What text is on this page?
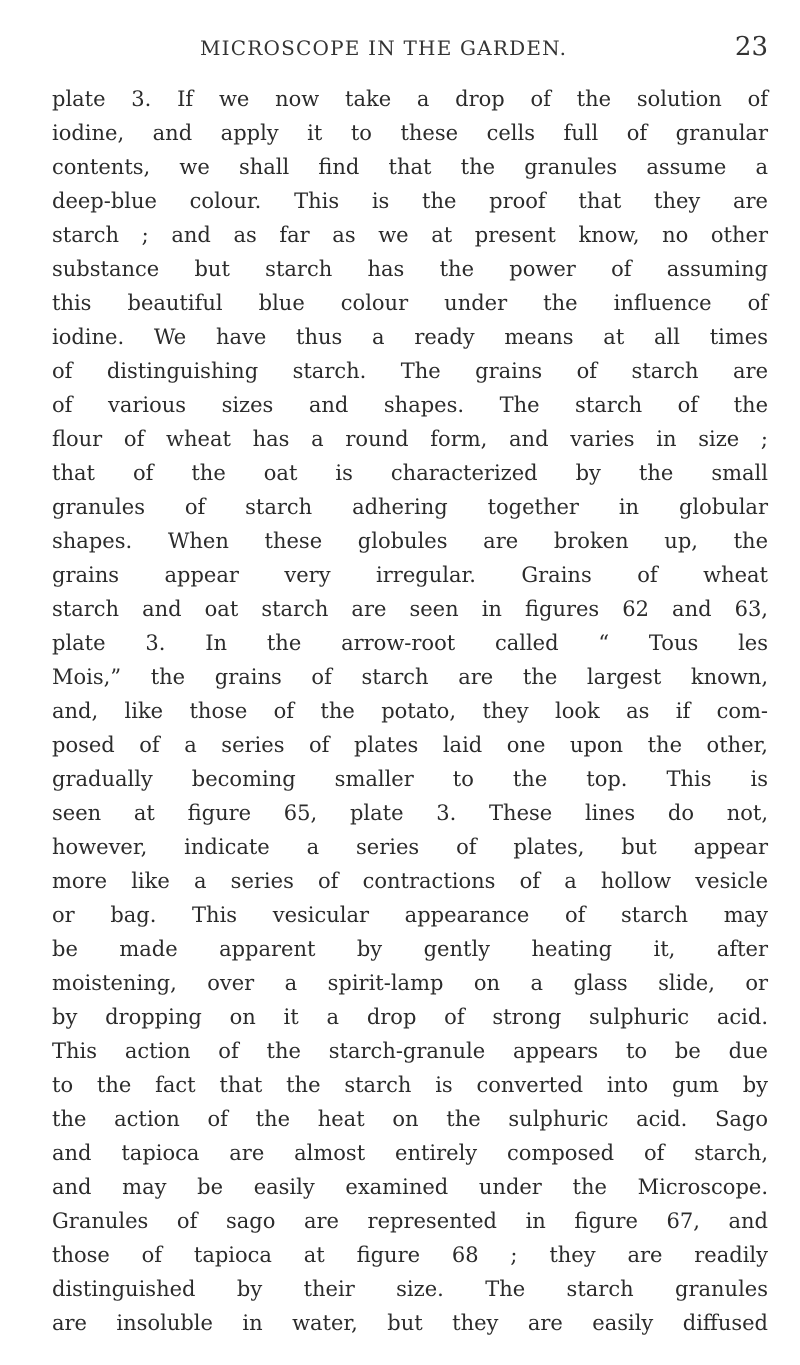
MICROSCOPE IN THE GARDEN.	23
plate 3. If we now take a drop of the solution of
iodine, and apply it to these cells full of granular
contents, we shall find that the granules assume a
deep-blue colour. This is the proof that they are
starch ; and as far as we at present know, no other
substance but starch has the power of assuming
this beautiful blue colour under the influence of
iodine. We have thus a ready means at all times
of distinguishing starch. The grains of starch are
of various sizes and shapes. The starch of the
flour of wheat has a round form, and varies in size ;
that of the oat is characterized by the small
granules of starch adhering together in globular
shapes. When these globules are broken up, the
grains appear very irregular. Grains of wheat
starch and oat starch are seen in figures 62 and 63,
plate 3. In the arrow-root called “ Tous les
Mois,” the grains of starch are the largest known,
and, like those of the potato, they look as if com-
posed of a series of plates laid one upon the other,
gradually becoming smaller to the top. This is
seen at figure 65, plate 3. These lines do not,
however, indicate a series of plates, but appear
more like a series of contractions of a hollow vesicle
or bag. This vesicular appearance of starch may
be made apparent by gently heating it, after
moistening, over a spirit-lamp on a glass slide, or
by dropping on it a drop of strong sulphuric acid.
This action of the starch-granule appears to be due
to the fact that the starch is converted into gum by
the action of the heat on the sulphuric acid. Sago
and tapioca are almost entirely composed of starch,
and may be easily examined under the Microscope.
Granules of sago are represented in figure 67, and
those of tapioca at figure 68 ; they are readily
distinguished by their size. The starch granules
are insoluble in water, but they are easily diffused
